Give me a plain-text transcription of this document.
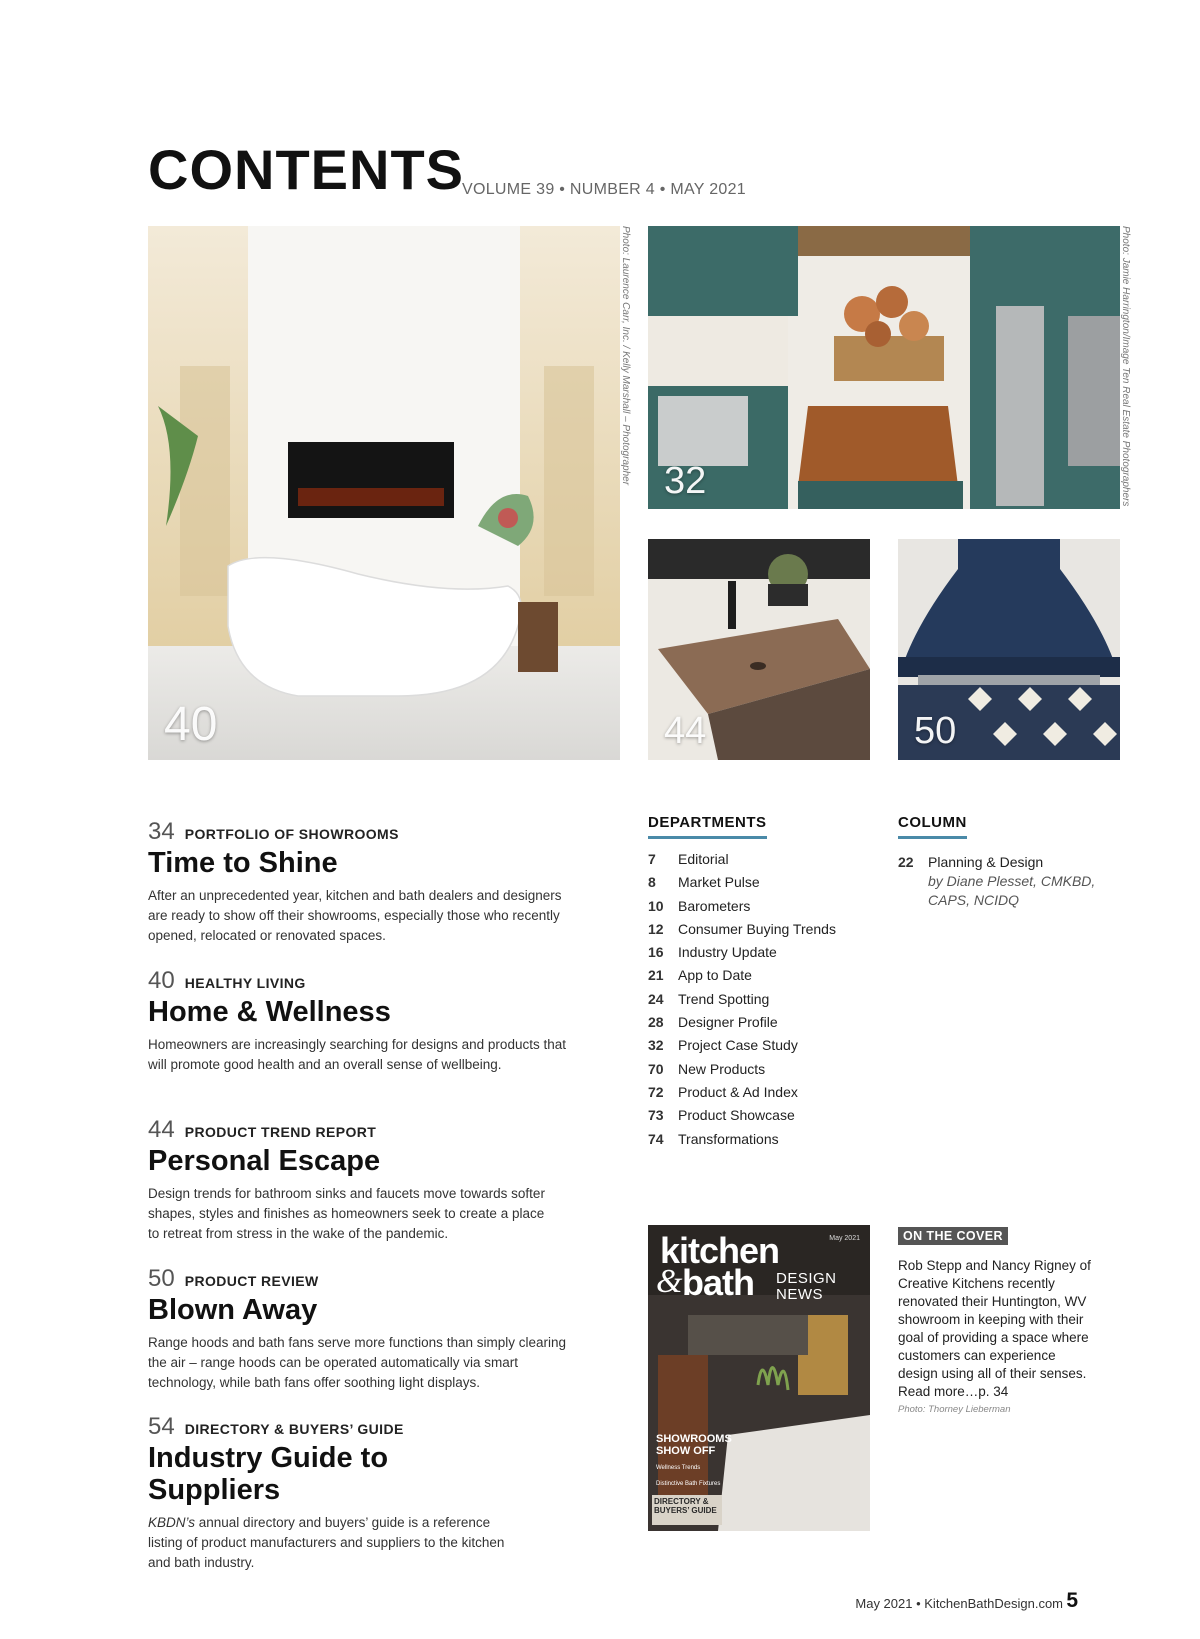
CONTENTS
VOLUME 39 • NUMBER 4 • MAY 2021
40
Photo: Laurence Carr, Inc. / Kelly Marshall – Photographer 32	Photo: Jamie Harrington/Image Ten Real Estate Photographers
44	50
34 PORTFOLIO OF SHOWROOMS
Time to Shine

After an unprecedented year, kitchen and bath dealers and designers are ready to show off their showrooms, especially those who recently opened, relocated or renovated spaces.

40 HEALTHY LIVING
Home & Wellness

Homeowners are increasingly searching for designs and products that will promote good health and an overall sense of wellbeing.

44 PRODUCT TREND REPORT
Personal Escape

Design trends for bathroom sinks and faucets move towards softer shapes, styles and finishes as homeowners seek to create a place to retreat from stress in the wake of the pandemic.

50 PRODUCT REVIEW
Blown Away

Range hoods and bath fans serve more functions than simply clearing the air – range hoods can be operated automatically via smart technology, while bath fans offer soothing light displays.

54 DIRECTORY & BUYERS’ GUIDE
Industry Guide to Suppliers

KBDN’s annual directory and buyers’ guide is a reference listing of product manufacturers and suppliers to the kitchen and bath industry.

DEPARTMENTS
7 Editorial
8 Market Pulse
10 Barometers
12 Consumer Buying Trends
16 Industry Update
21 App to Date
24 Trend Spotting
28 Designer Profile
32 Project Case Study
70 New Products
72 Product & Ad Index
73 Product Showcase
74 Transformations
COLUMN
22 Planning & Design
by Diane Plesset, CMKBD,
CAPS, NCIDQ
May 2021
kitchen
& bath DESIGN
NEWS
SHOWROOMS SHOW OFF
Wellness Trends
Distinctive Bath Fixtures
DIRECTORY & BUYERS’ GUIDE
ON THE COVER
Rob Stepp and Nancy Rigney of Creative Kitchens recently renovated their Huntington, WV showroom in keeping with their goal of providing a space where customers can experience design using all of their senses. Read more…p. 34
Photo: Thorney Lieberman
May 2021 • KitchenBathDesign.com 5
